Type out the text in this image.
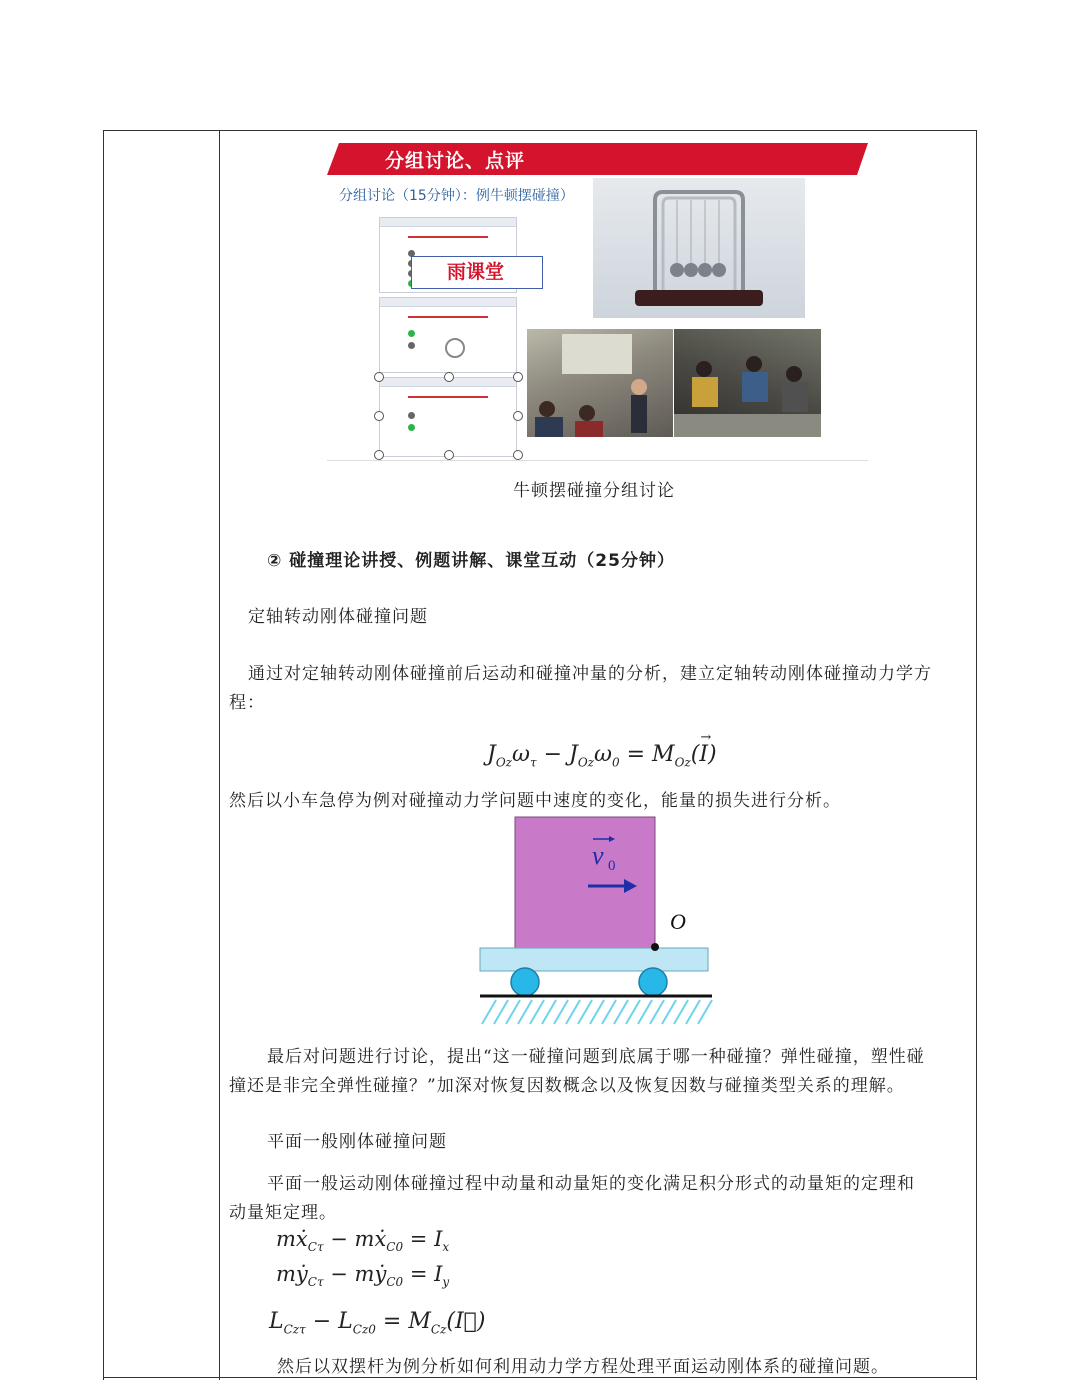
分组讨论、点评
分组讨论（15分钟）：例牛顿摆碰撞）
雨课堂
牛顿摆碰撞分组讨论
② 碰撞理论讲授、例题讲解、课堂互动（25分钟）
定轴转动刚体碰撞问题
通过对定轴转动刚体碰撞前后运动和碰撞冲量的分析，建立定轴转动刚体碰撞动力学方
程：
$J_{Oz}\omega_\tau - J_{Oz}\omega_0 = M_{Oz}(I$
→
)
然后以小车急停为例对碰撞动力学问题中速度的变化，能量的损失进行分析。
v 0
O
最后对问题进行讨论，提出“这一碰撞问题到底属于哪一种碰撞？弹性碰撞，塑性碰
撞还是非完全弹性碰撞？”加深对恢复因数概念以及恢复因数与碰撞类型关系的理解。
平面一般刚体碰撞问题
平面一般运动刚体碰撞过程中动量和动量矩的变化满足积分形式的动量矩的定理和
动量矩定理。
mẋ$_{C\tau}$ − mẋ$_{C0}$ = $I_x$
mẏ$_{C\tau}$ − mẏ$_{C0}$ = $I_y$
$L_{Cz\tau} - L_{Cz0}$ = $M_{Cz}(I⃗)$
然后以双摆杆为例分析如何利用动力学方程处理平面运动刚体系的碰撞问题。
